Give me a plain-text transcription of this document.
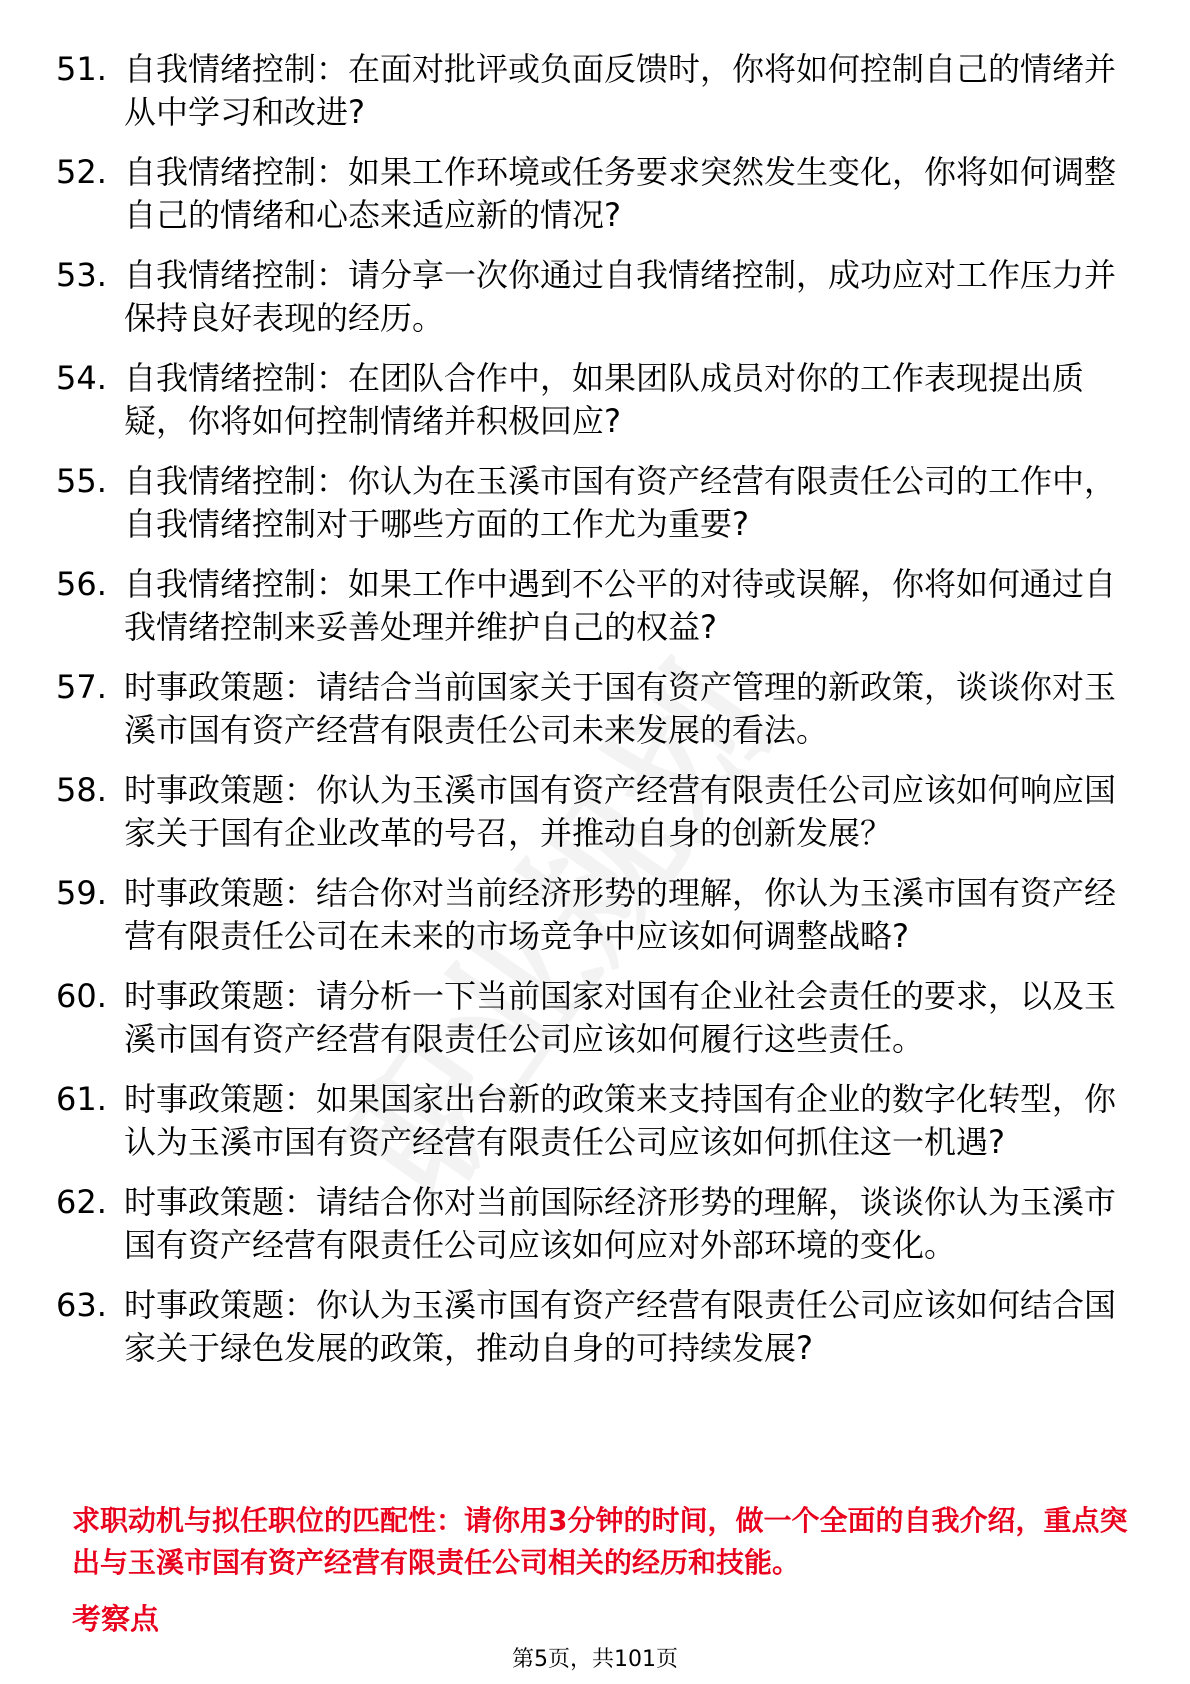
51. 自我情绪控制：在面对批评或负面反馈时，你将如何控制自己的情绪并从中学习和改进?
52. 自我情绪控制：如果工作环境或任务要求突然发生变化，你将如何调整自己的情绪和心态来适应新的情况?
53. 自我情绪控制：请分享一次你通过自我情绪控制，成功应对工作压力并保持良好表现的经历。
54. 自我情绪控制：在团队合作中，如果团队成员对你的工作表现提出质疑，你将如何控制情绪并积极回应?
55. 自我情绪控制：你认为在玉溪市国有资产经营有限责任公司的工作中，自我情绪控制对于哪些方面的工作尤为重要?
56. 自我情绪控制：如果工作中遇到不公平的对待或误解，你将如何通过自我情绪控制来妥善处理并维护自己的权益?
57. 时事政策题：请结合当前国家关于国有资产管理的新政策，谈谈你对玉溪市国有资产经营有限责任公司未来发展的看法。
58. 时事政策题：你认为玉溪市国有资产经营有限责任公司应该如何响应国家关于国有企业改革的号召，并推动自身的创新发展？
59. 时事政策题：结合你对当前经济形势的理解，你认为玉溪市国有资产经营有限责任公司在未来的市场竞争中应该如何调整战略?
60. 时事政策题：请分析一下当前国家对国有企业社会责任的要求，以及玉溪市国有资产经营有限责任公司应该如何履行这些责任。
61. 时事政策题：如果国家出台新的政策来支持国有企业的数字化转型，你认为玉溪市国有资产经营有限责任公司应该如何抓住这一机遇?
62. 时事政策题：请结合你对当前国际经济形势的理解，谈谈你认为玉溪市国有资产经营有限责任公司应该如何应对外部环境的变化。
63. 时事政策题：你认为玉溪市国有资产经营有限责任公司应该如何结合国家关于绿色发展的政策，推动自身的可持续发展?
求职动机与拟任职位的匹配性：请你用3分钟的时间，做一个全面的自我介绍，重点突出与玉溪市国有资产经营有限责任公司相关的经历和技能。
考察点
第5页，共101页
